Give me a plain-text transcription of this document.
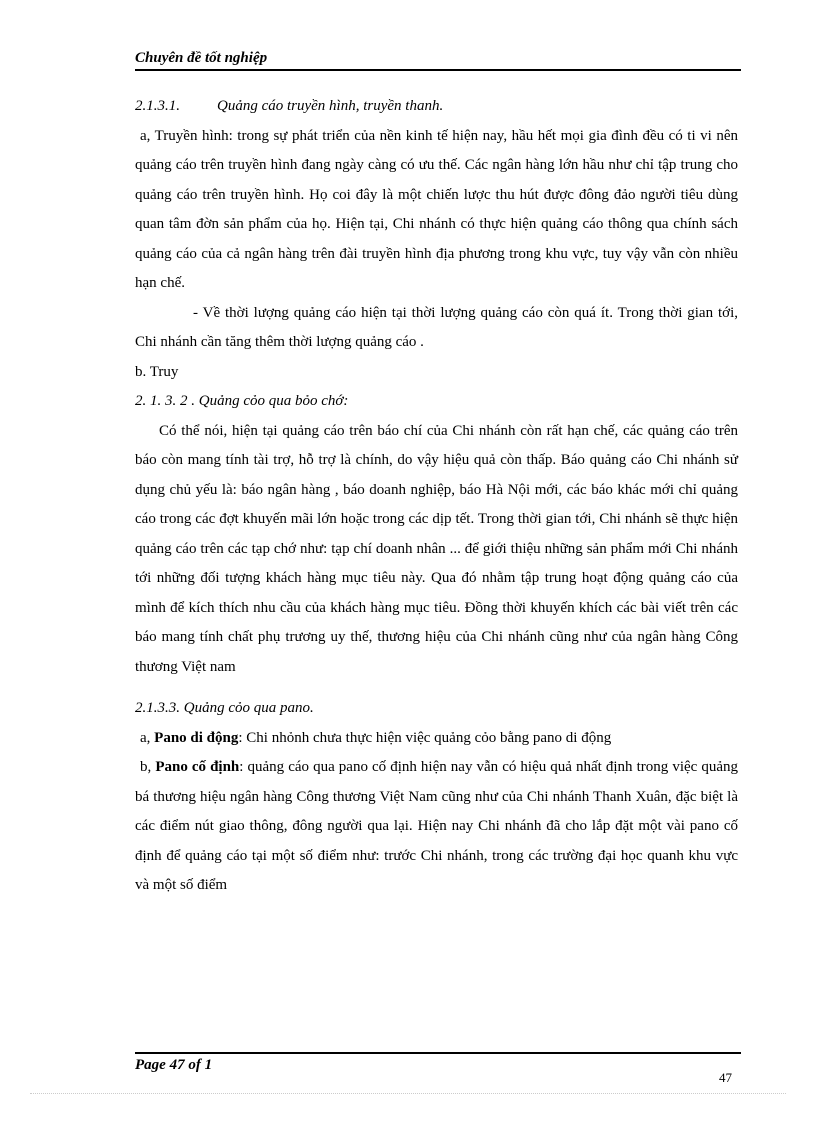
Chuyên đề tốt nghiệp

2.1.3.1. Quảng cáo truyền hình, truyền thanh.

a, Truyền hình: trong sự phát triển của nền kinh tế hiện nay, hầu hết mọi gia đình đều có ti vi nên quảng cáo trên truyền hình đang ngày càng có ưu thế. Các ngân hàng lớn hầu như chỉ tập trung cho quảng cáo trên truyền hình. Họ coi đây là một chiến lược thu hút được đông đảo người tiêu dùng quan tâm đờn sản phẩm của họ. Hiện tại, Chi nhánh có thực hiện quảng cáo thông qua chính sách quảng cáo của cả ngân hàng trên đài truyền hình địa phương trong khu vực, tuy vậy vẫn còn nhiều hạn chế.

- Về thời lượng quảng cáo hiện tại thời lượng quảng cáo còn quá ít. Trong thời gian tới, Chi nhánh cần tăng thêm thời lượng quảng cáo .

b. Truy

2. 1. 3. 2 . Quảng cỏo qua bỏo chớ:

Có thể nói, hiện tại quảng cáo trên báo chí của Chi nhánh còn rất hạn chế, các quảng cáo trên báo còn mang tính tài trợ, hỗ trợ là chính, do vậy hiệu quả còn thấp. Báo quảng cáo Chi nhánh sử dụng chủ yếu là: báo ngân hàng , báo doanh nghiệp, báo Hà Nội mới, các báo khác mới chỉ quảng cáo trong các đợt khuyến mãi lớn hoặc trong các dịp tết. Trong thời gian tới, Chi nhánh sẽ thực hiện quảng cáo trên các tạp chớ như: tạp chí doanh nhân ... để giới thiệu những sản phẩm mới Chi nhánh tới những đối tượng khách hàng mục tiêu này. Qua đó nhằm tập trung hoạt động quảng cáo của mình để kích thích nhu cầu của khách hàng mục tiêu. Đồng thời khuyến khích các bài viết trên các báo mang tính chất phụ trương uy thế, thương hiệu của Chi nhánh cũng như của ngân hàng Công thương Việt nam

2.1.3.3. Quảng cỏo qua pano.

a, Pano di động: Chi nhỏnh chưa thực hiện việc quảng cỏo bằng pano di động

b, Pano cố định: quảng cáo qua pano cố định hiện nay vẫn có hiệu quả nhất định trong việc quảng bá thương hiệu ngân hàng Công thương Việt Nam cũng như của Chi nhánh Thanh Xuân, đặc biệt là các điểm nút giao thông, đông người qua lại. Hiện nay Chi nhánh đã cho lắp đặt một vài pano cố định để quảng cáo tại một số điểm như: trước Chi nhánh, trong các trường đại học quanh khu vực và một số điểm

Page 47 of 1
47
